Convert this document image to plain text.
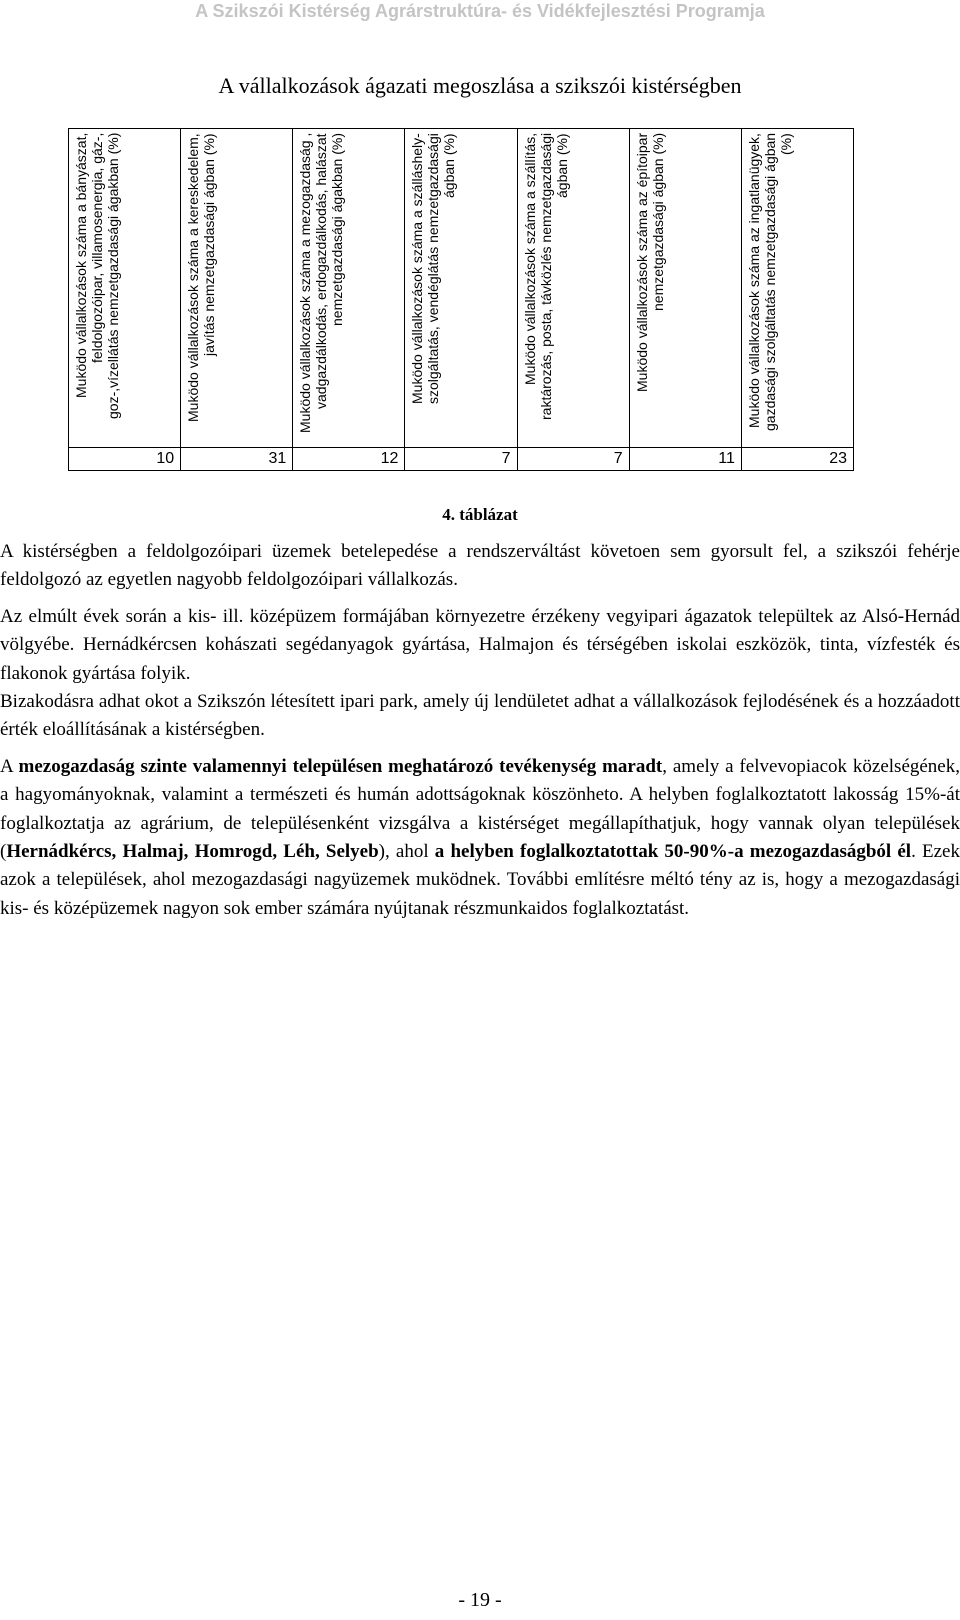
A Szikszói Kistérség Agrárstruktúra- és Vidékfejlesztési Programja
A vállalkozások ágazati megoszlása a szikszói kistérségben
Muködo vállalkozások száma a bányászat, feldolgozóipar, villamosenergia, gáz-, goz-,vízellátás nemzetgazdasági ágakban (%)	Muködo vállalkozások száma a kereskedelem, javítás nemzetgazdasági ágban (%)	Muködo vállalkozások száma a mezogazdaság , vadgazdálkodás, erdogazdálkodás, halászat nemzetgazdasági ágakban (%)	Muködo vállalkozások száma a szálláshely-szolgáltatás, vendéglátás nemzetgazdasági ágban (%)	Muködo vállalkozások száma a szállítás, raktározás, posta, távközlés nemzetgazdasági ágban (%)	Muködo vállalkozások száma az építoipar nemzetgazdasági ágban (%)	Muködo vállalkozások száma az ingatlanügyek, gazdasági szolgáltatás nemzetgazdasági ágban (%)

10	31	12	7	7	11	23
4. táblázat

A kistérségben a feldolgozóipari üzemek betelepedése a rendszerváltást követoen sem gyorsult fel, a szikszói fehérje feldolgozó az egyetlen nagyobb feldolgozóipari vállalkozás.

Az elmúlt évek során a kis- ill. középüzem formájában környezetre érzékeny vegyipari ágazatok települtek az Alsó-Hernád völgyébe. Hernádkércsen kohászati segédanyagok gyártása, Halmajon és térségében iskolai eszközök, tinta, vízfesték és flakonok gyártása folyik.

Bizakodásra adhat okot a Szikszón létesített ipari park, amely új lendületet adhat a vállalkozások fejlodésének és a hozzáadott érték eloállításának a kistérségben.

A mezogazdaság szinte valamennyi településen meghatározó tevékenység maradt, amely a felvevopiacok közelségének, a hagyományoknak, valamint a természeti és humán adottságoknak köszönheto. A helyben foglalkoztatott lakosság 15%-át foglalkoztatja az agrárium, de településenként vizsgálva a kistérséget megállapíthatjuk, hogy vannak olyan települések (Hernádkércs, Halmaj, Homrogd, Léh, Selyeb), ahol a helyben foglalkoztatottak 50-90%-a mezogazdaságból él. Ezek azok a települések, ahol mezogazdasági nagyüzemek muködnek. További említésre méltó tény az is, hogy a mezogazdasági kis- és középüzemek nagyon sok ember számára nyújtanak részmunkaidos foglalkoztatást.

- 19 -
